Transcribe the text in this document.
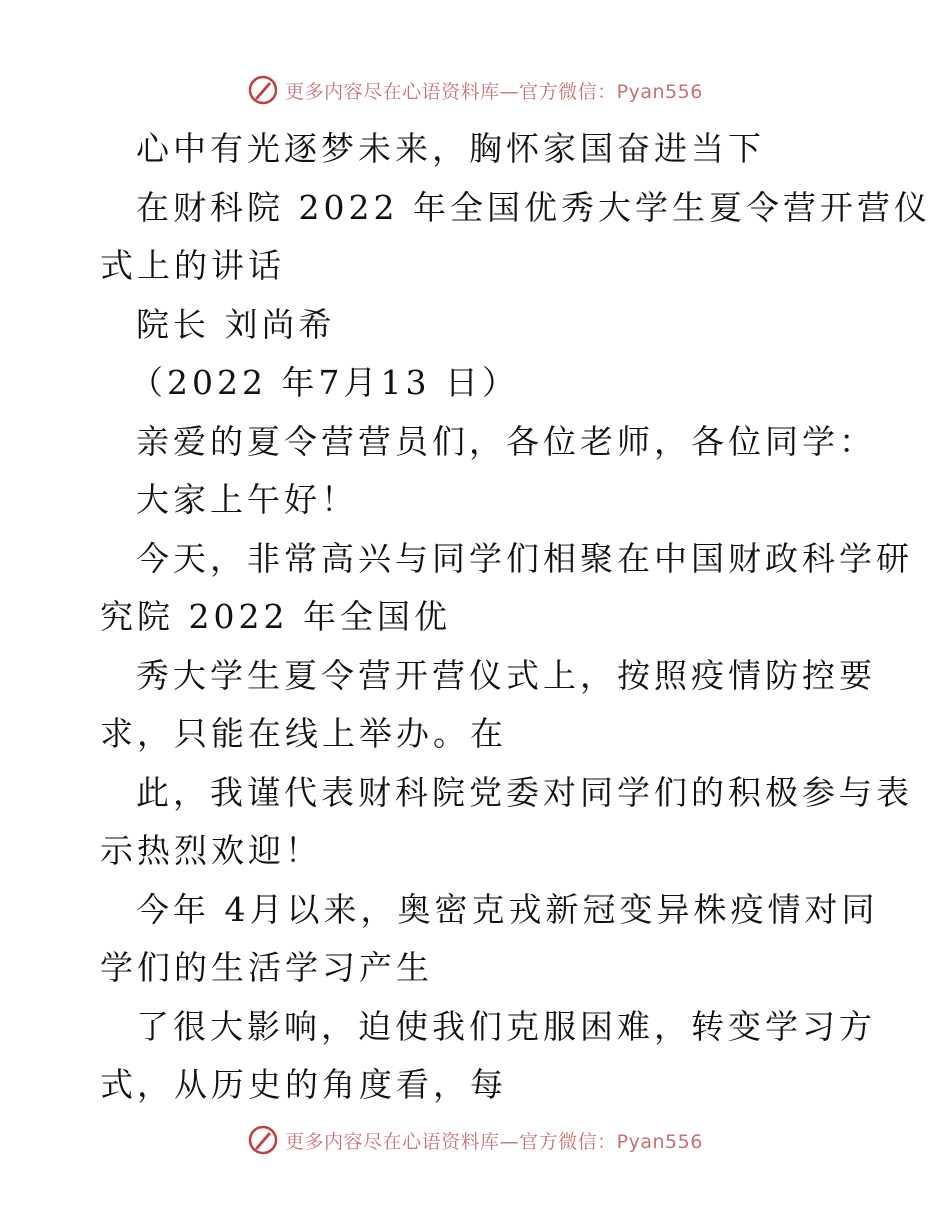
更多内容尽在心语资料库—官方微信：Pyan556
心中有光逐梦未来，胸怀家国奋进当下
在财科院 2022 年全国优秀大学生夏令营开营仪
式上的讲话
院长 刘尚希
（2022 年7月13 日）
亲爱的夏令营营员们，各位老师，各位同学：
大家上午好！
今天，非常高兴与同学们相聚在中国财政科学研
究院 2022 年全国优
秀大学生夏令营开营仪式上，按照疫情防控要
求，只能在线上举办。在
此，我谨代表财科院党委对同学们的积极参与表
示热烈欢迎！
今年 4月以来，奥密克戎新冠变异株疫情对同
学们的生活学习产生
了很大影响，迫使我们克服困难，转变学习方
式，从历史的角度看，每
更多内容尽在心语资料库—官方微信：Pyan556
